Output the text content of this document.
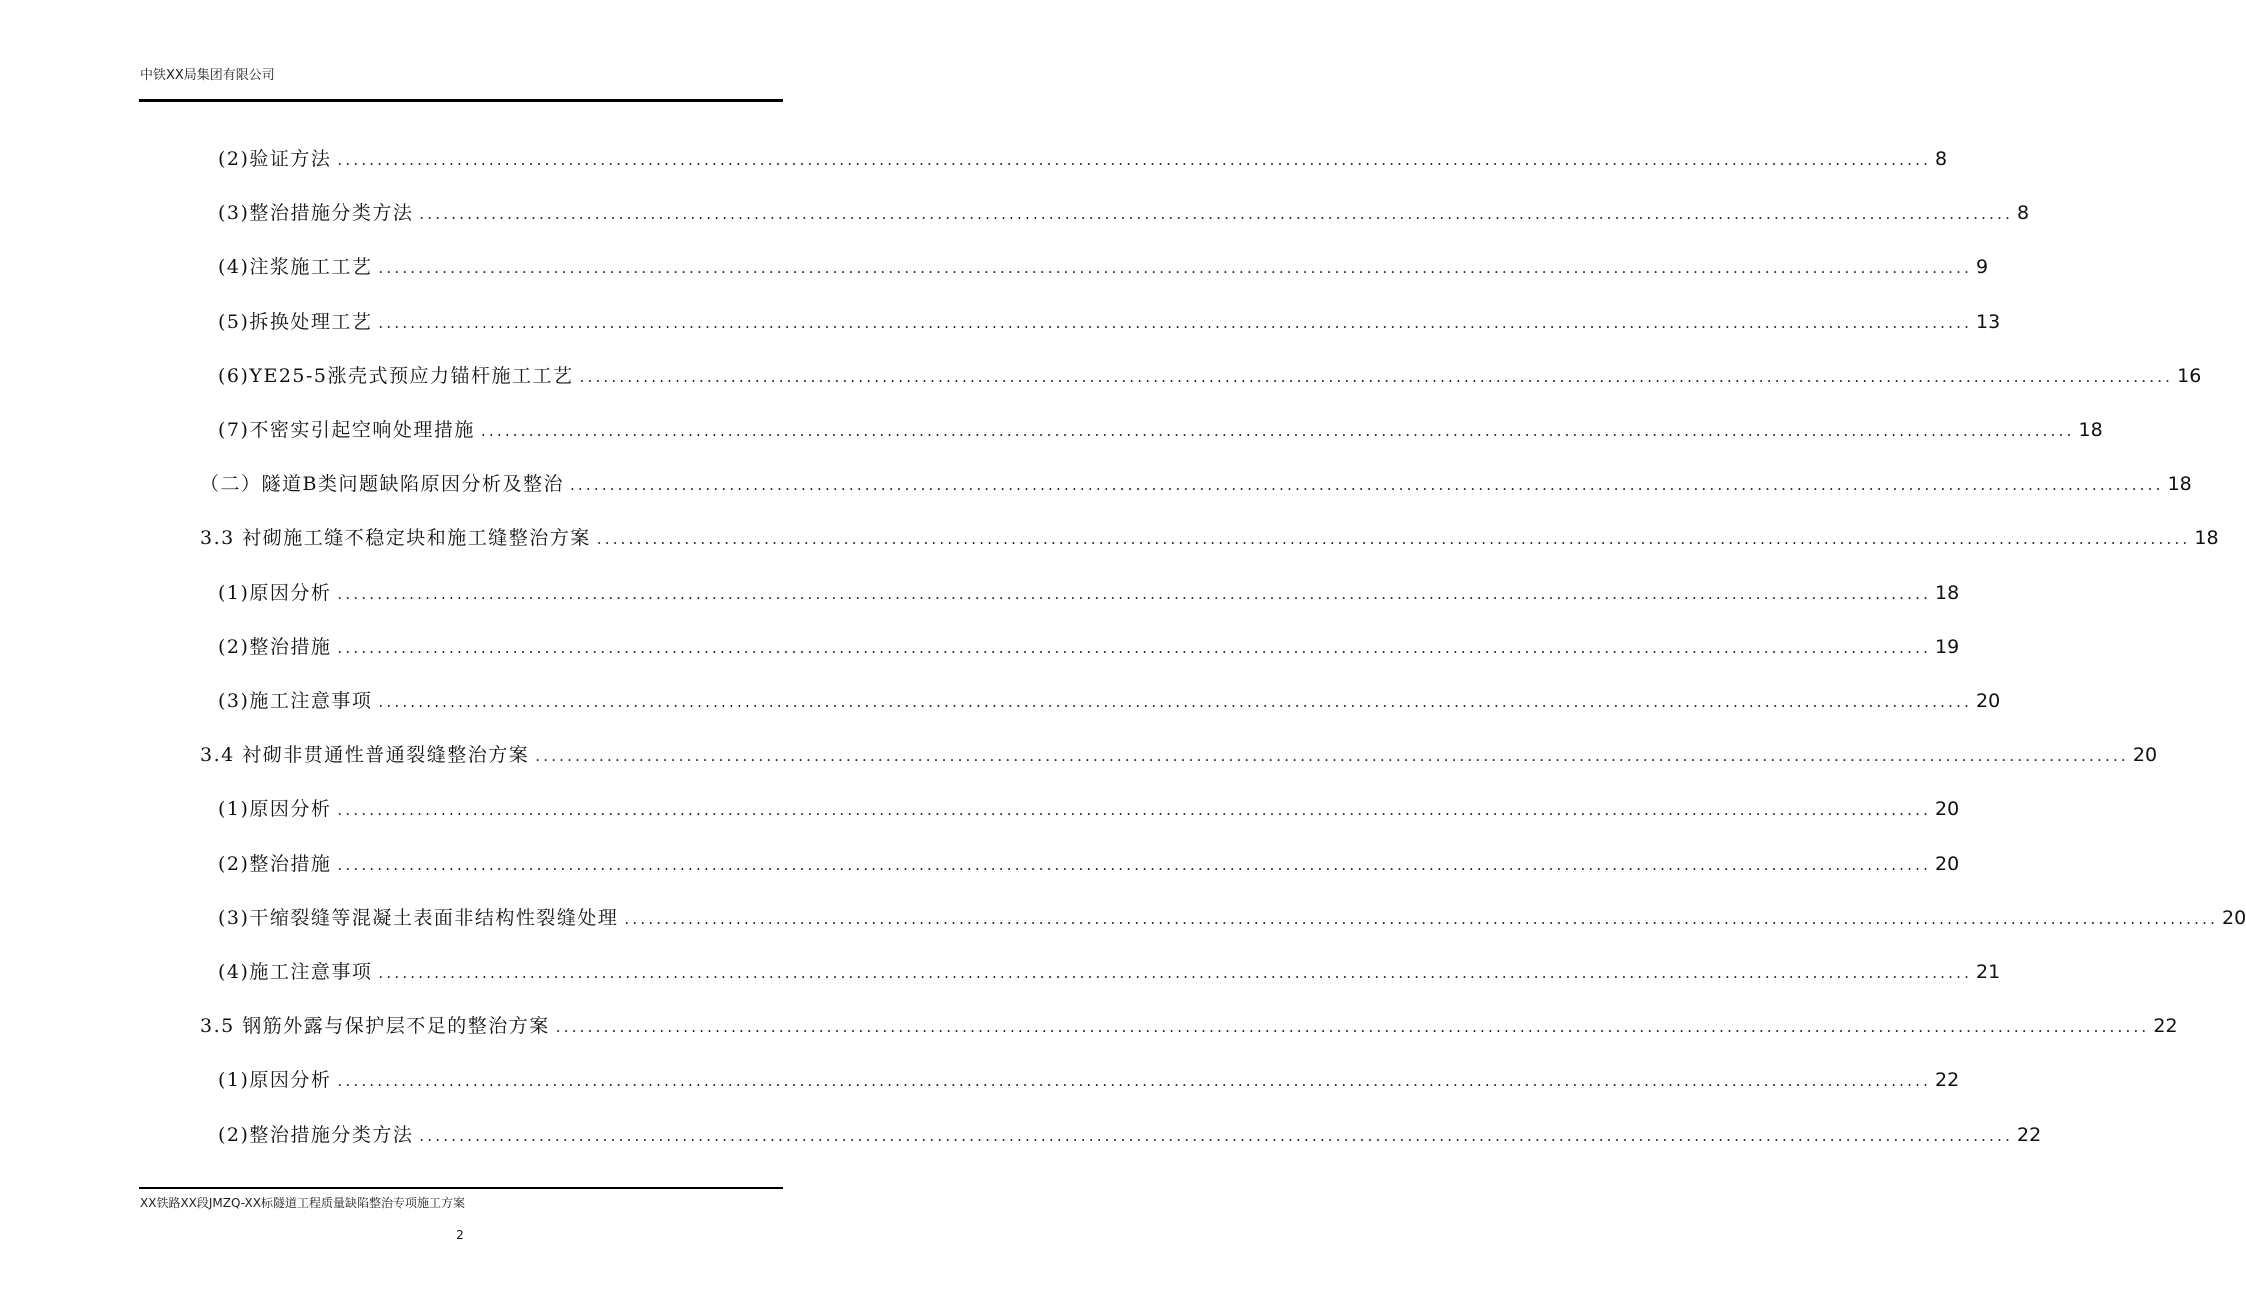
中铁XX局集团有限公司
(2)验证方法 ........................................................................................................................................................................................................ 8
(3)整治措施分类方法 ........................................................................................................................................................................................................ 8
(4)注浆施工工艺 ........................................................................................................................................................................................................ 9
(5)拆换处理工艺 ........................................................................................................................................................................................................ 13
(6)YE25-5涨壳式预应力锚杆施工工艺 ........................................................................................................................................................................................................ 16
(7)不密实引起空响处理措施 ........................................................................................................................................................................................................ 18
（二）隧道B类问题缺陷原因分析及整治 ........................................................................................................................................................................................................ 18
3.3 衬砌施工缝不稳定块和施工缝整治方案 ........................................................................................................................................................................................................ 18
(1)原因分析 ........................................................................................................................................................................................................ 18
(2)整治措施 ........................................................................................................................................................................................................ 19
(3)施工注意事项 ........................................................................................................................................................................................................ 20
3.4 衬砌非贯通性普通裂缝整治方案 ........................................................................................................................................................................................................ 20
(1)原因分析 ........................................................................................................................................................................................................ 20
(2)整治措施 ........................................................................................................................................................................................................ 20
(3)干缩裂缝等混凝土表面非结构性裂缝处理 ........................................................................................................................................................................................................ 20
(4)施工注意事项 ........................................................................................................................................................................................................ 21
3.5 钢筋外露与保护层不足的整治方案 ........................................................................................................................................................................................................ 22
(1)原因分析 ........................................................................................................................................................................................................ 22
(2)整治措施分类方法 ........................................................................................................................................................................................................ 22
XX铁路XX段JMZQ-XX标隧道工程质量缺陷整治专项施工方案
2
